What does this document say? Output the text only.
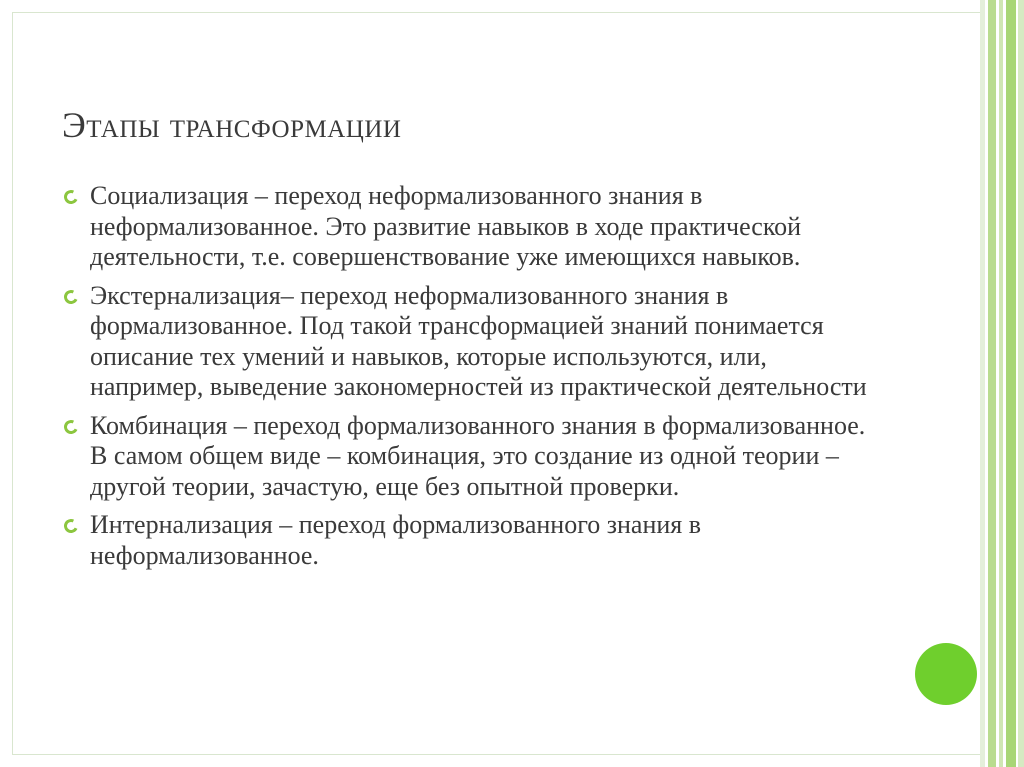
Этапы трансформации
Социализация – переход неформализованного знания в неформализованное. Это развитие навыков в ходе практической деятельности, т.е. совершенствование уже имеющихся навыков.
Экстернализация– переход неформализованного знания в формализованное. Под такой трансформацией знаний понимается описание тех умений и навыков, которые используются, или, например, выведение закономерностей из практической деятельности
Комбинация – переход формализованного знания в формализованное. В самом общем виде – комбинация, это создание из одной теории – другой теории, зачастую, еще без опытной проверки.
Интернализация – переход формализованного знания в неформализованное.
